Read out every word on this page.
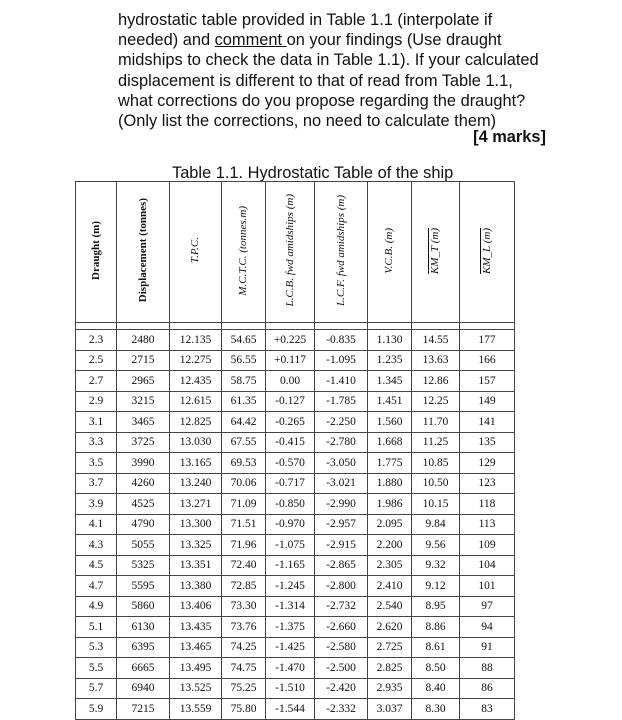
hydrostatic table provided in Table 1.1 (interpolate if

needed) and comment on your findings (Use draught

midships to check the data in Table 1.1). If your calculated

displacement is different to that of read from Table 1.1,

what corrections do you propose regarding the draught?

(Only list the corrections, no need to calculate them)

[4 marks]
Table 1.1. Hydrostatic Table of the ship
Draught (m)	Displacement (tonnes)	T.P.C.	M.C.T.C. (tonnes.m)	L.C.B. fwd amidships (m)	L.C.F. fwd amidships (m)	V.C.B. (m)	KM_T (m)	KM_L (m)

2.3	2480	12.135	54.65	+0.225	-0.835	1.130	14.55	177
2.5	2715	12.275	56.55	+0.117	-1.095	1.235	13.63	166
2.7	2965	12.435	58.75	0.00	-1.410	1.345	12.86	157
2.9	3215	12.615	61.35	-0.127	-1.785	1.451	12.25	149
3.1	3465	12.825	64.42	-0.265	-2.250	1.560	11.70	141
3.3	3725	13.030	67.55	-0.415	-2.780	1.668	11.25	135
3.5	3990	13.165	69.53	-0.570	-3.050	1.775	10.85	129
3.7	4260	13.240	70.06	-0.717	-3.021	1.880	10.50	123
3.9	4525	13.271	71.09	-0.850	-2.990	1.986	10.15	118
4.1	4790	13.300	71.51	-0.970	-2.957	2.095	9.84	113
4.3	5055	13.325	71.96	-1.075	-2.915	2.200	9.56	109
4.5	5325	13.351	72.40	-1.165	-2.865	2.305	9.32	104
4.7	5595	13.380	72.85	-1.245	-2.800	2.410	9.12	101
4.9	5860	13.406	73.30	-1.314	-2.732	2.540	8.95	97
5.1	6130	13.435	73.76	-1.375	-2.660	2.620	8.86	94
5.3	6395	13.465	74.25	-1.425	-2.580	2.725	8.61	91
5.5	6665	13.495	74.75	-1.470	-2.500	2.825	8.50	88
5.7	6940	13.525	75.25	-1.510	-2.420	2.935	8.40	86
5.9	7215	13.559	75.80	-1.544	-2.332	3.037	8.30	83
